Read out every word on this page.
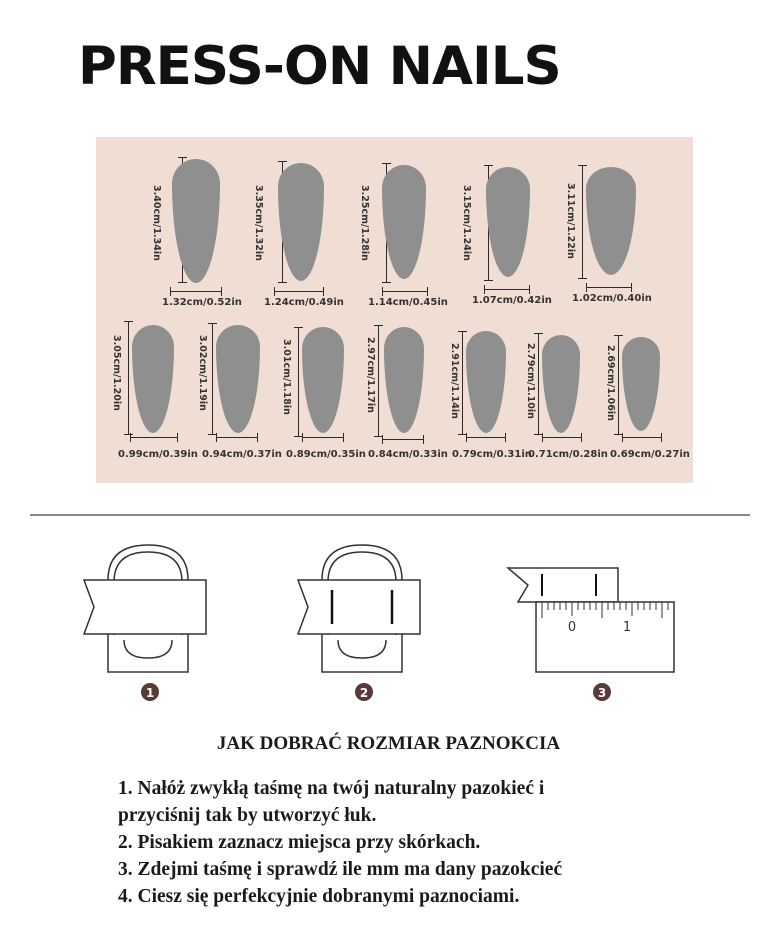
PRESS-ON NAILS
3.40cm/1.34in
1.32cm/0.52in
3.35cm/1.32in
1.24cm/0.49in
3.25cm/1.28in
1.14cm/0.45in
3.15cm/1.24in
1.07cm/0.42in
3.11cm/1.22in
1.02cm/0.40in
3.05cm/1.20in
0.99cm/0.39in
3.02cm/1.19in
0.94cm/0.37in
3.01cm/1.18in
0.89cm/0.35in
2.97cm/1.17in
0.84cm/0.33in
2.91cm/1.14in
0.79cm/0.31in
2.79cm/1.10in
0.71cm/0.28in
2.69cm/1.06in
0.69cm/0.27in
1	2
0	1
3
JAK DOBRAĆ ROZMIAR PAZNOKCIA

1. Nałóż zwykłą taśmę na twój naturalny pazokieć i

przyciśnij tak by utworzyć łuk.

2. Pisakiem zaznacz miejsca przy skórkach.

3. Zdejmi taśmę i sprawdź ile mm ma dany pazokcieć

4. Ciesz się perfekcyjnie dobranymi paznociami.
